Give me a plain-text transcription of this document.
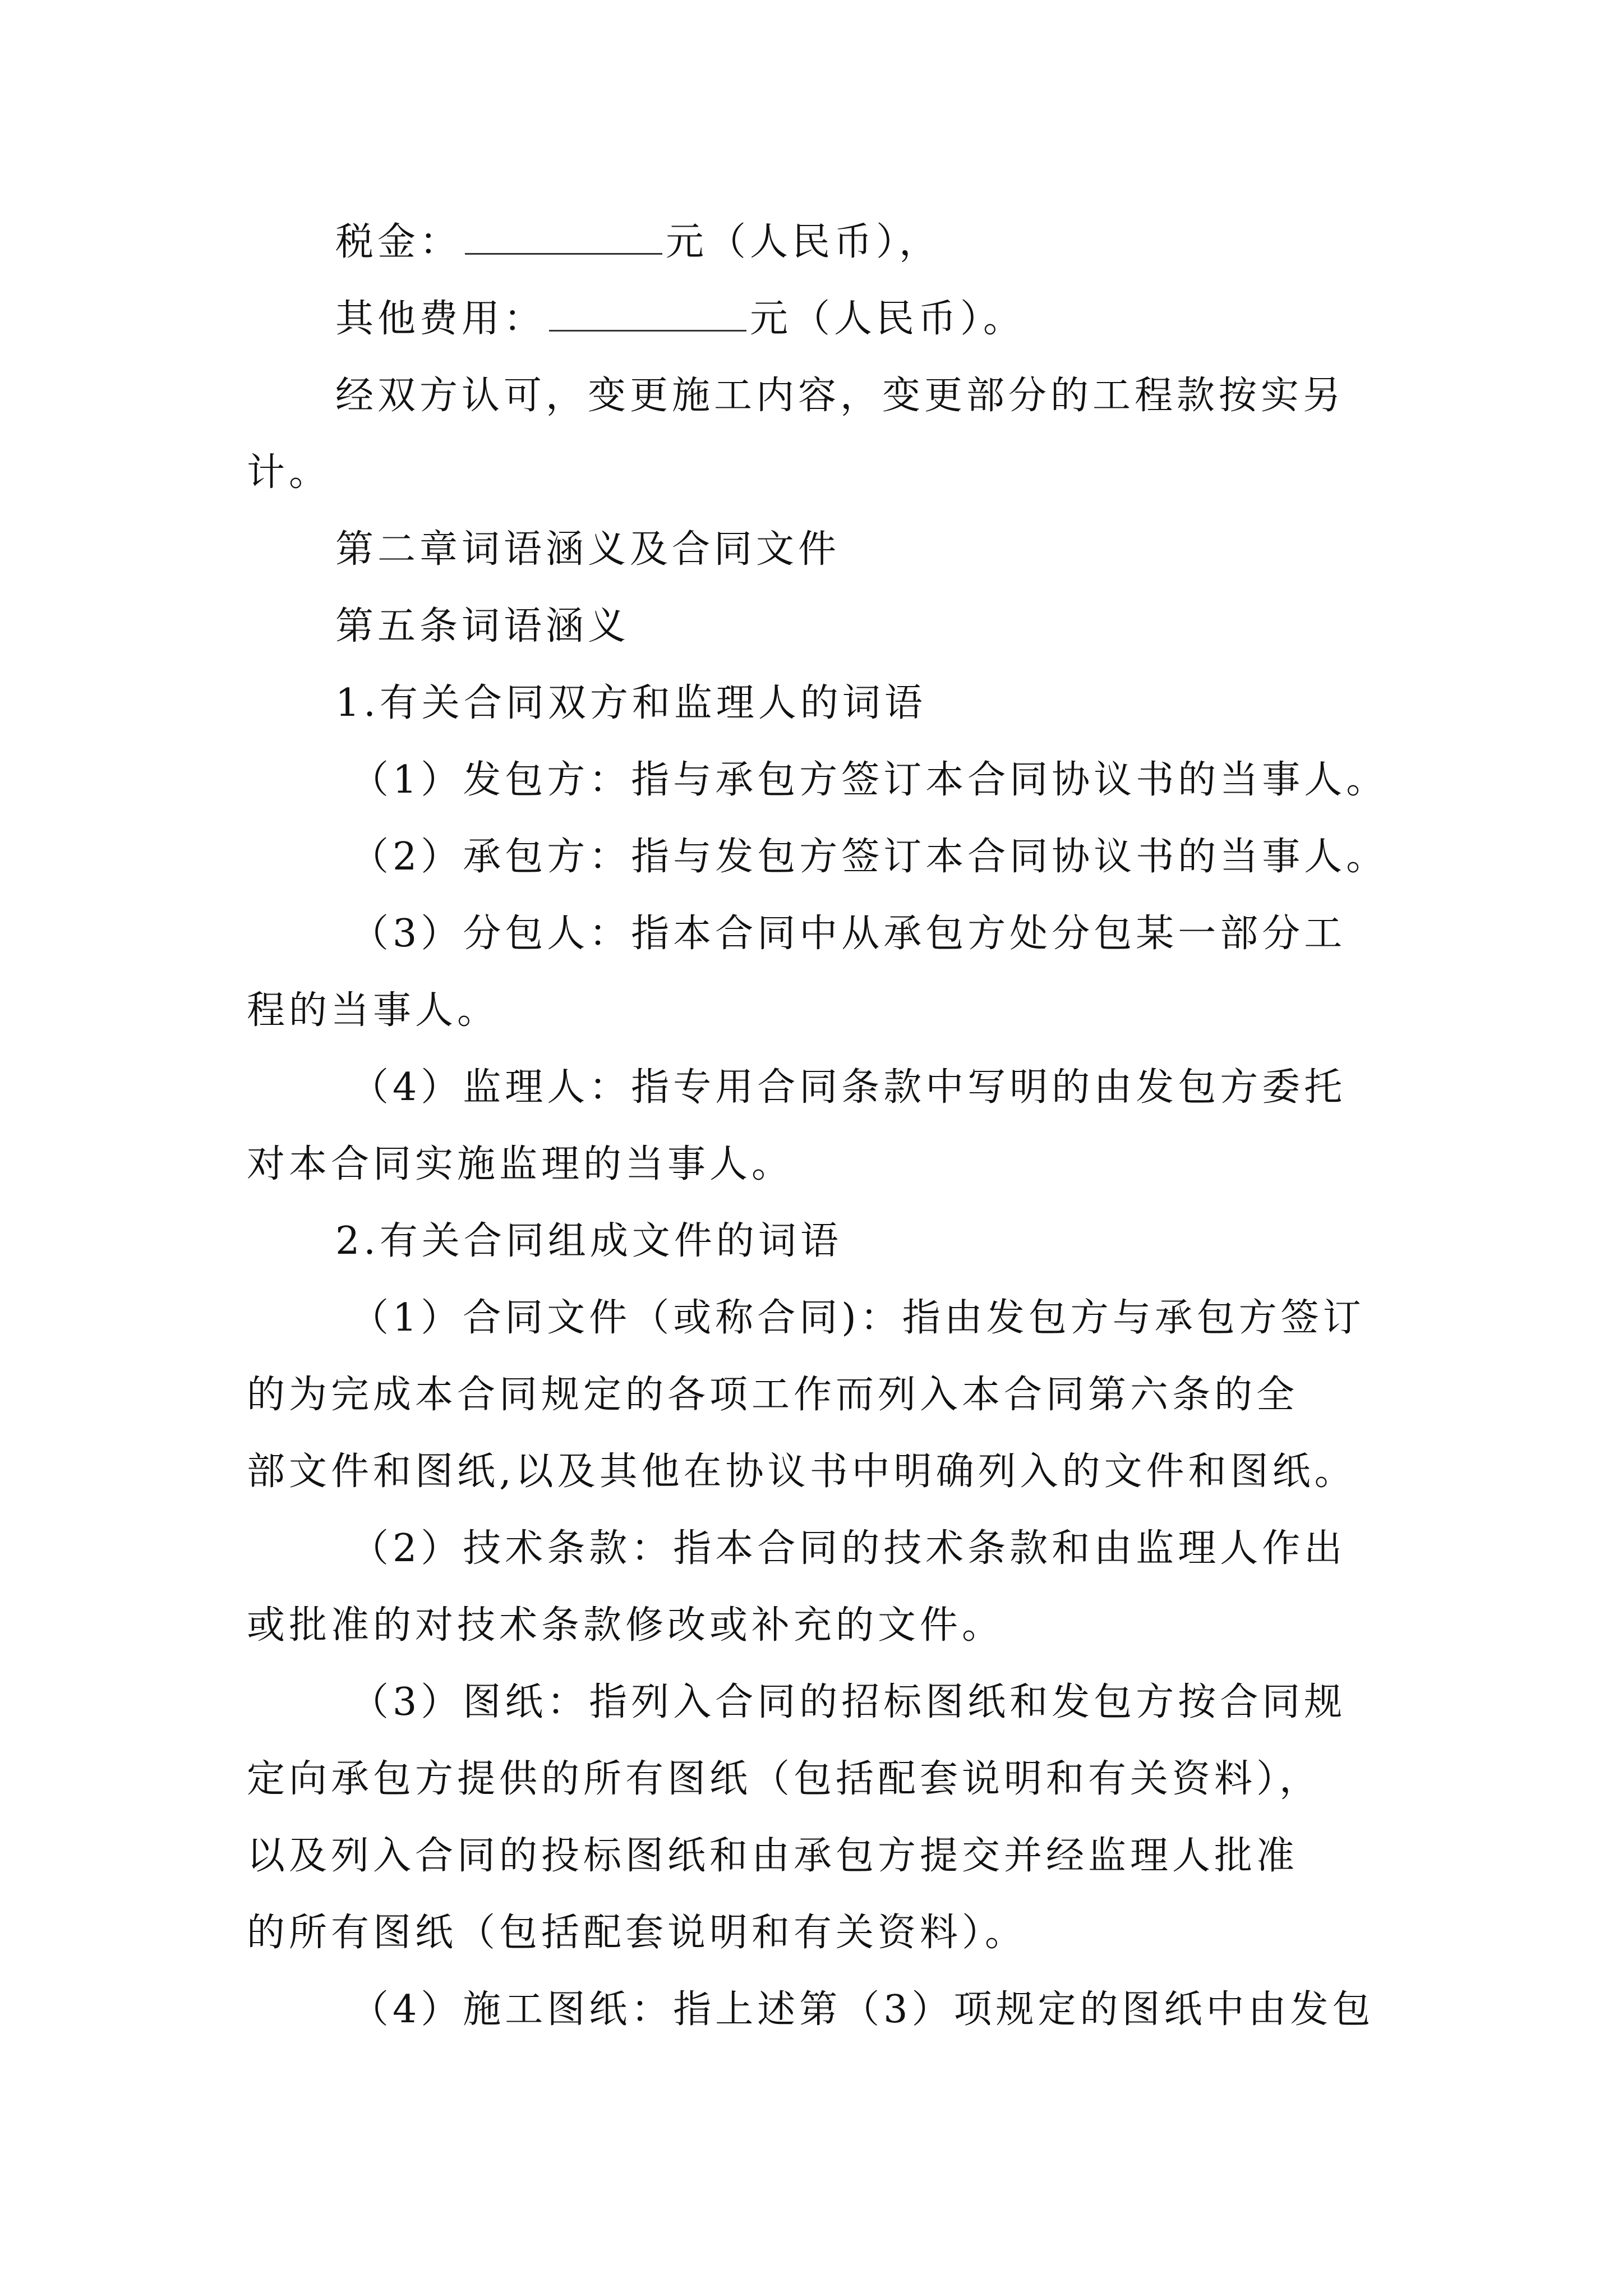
税金：	元（人民币），
其他费用：	元（人民币）。
经双方认可，变更施工内容，变更部分的工程款按实另
计。
第二章词语涵义及合同文件
第五条词语涵义
1.有关合同双方和监理人的词语
（1）发包方：指与承包方签订本合同协议书的当事人。
（2）承包方：指与发包方签订本合同协议书的当事人。
（3）分包人：指本合同中从承包方处分包某一部分工
程的当事人。
（4）监理人：指专用合同条款中写明的由发包方委托
对本合同实施监理的当事人。
2.有关合同组成文件的词语
（1）合同文件（或称合同)：指由发包方与承包方签订
的为完成本合同规定的各项工作而列入本合同第六条的全
部文件和图纸,以及其他在协议书中明确列入的文件和图纸。
（2）技术条款：指本合同的技术条款和由监理人作出
或批准的对技术条款修改或补充的文件。
（3）图纸：指列入合同的招标图纸和发包方按合同规
定向承包方提供的所有图纸（包括配套说明和有关资料），
以及列入合同的投标图纸和由承包方提交并经监理人批准
的所有图纸（包括配套说明和有关资料）。
（4）施工图纸：指上述第（3）项规定的图纸中由发包
